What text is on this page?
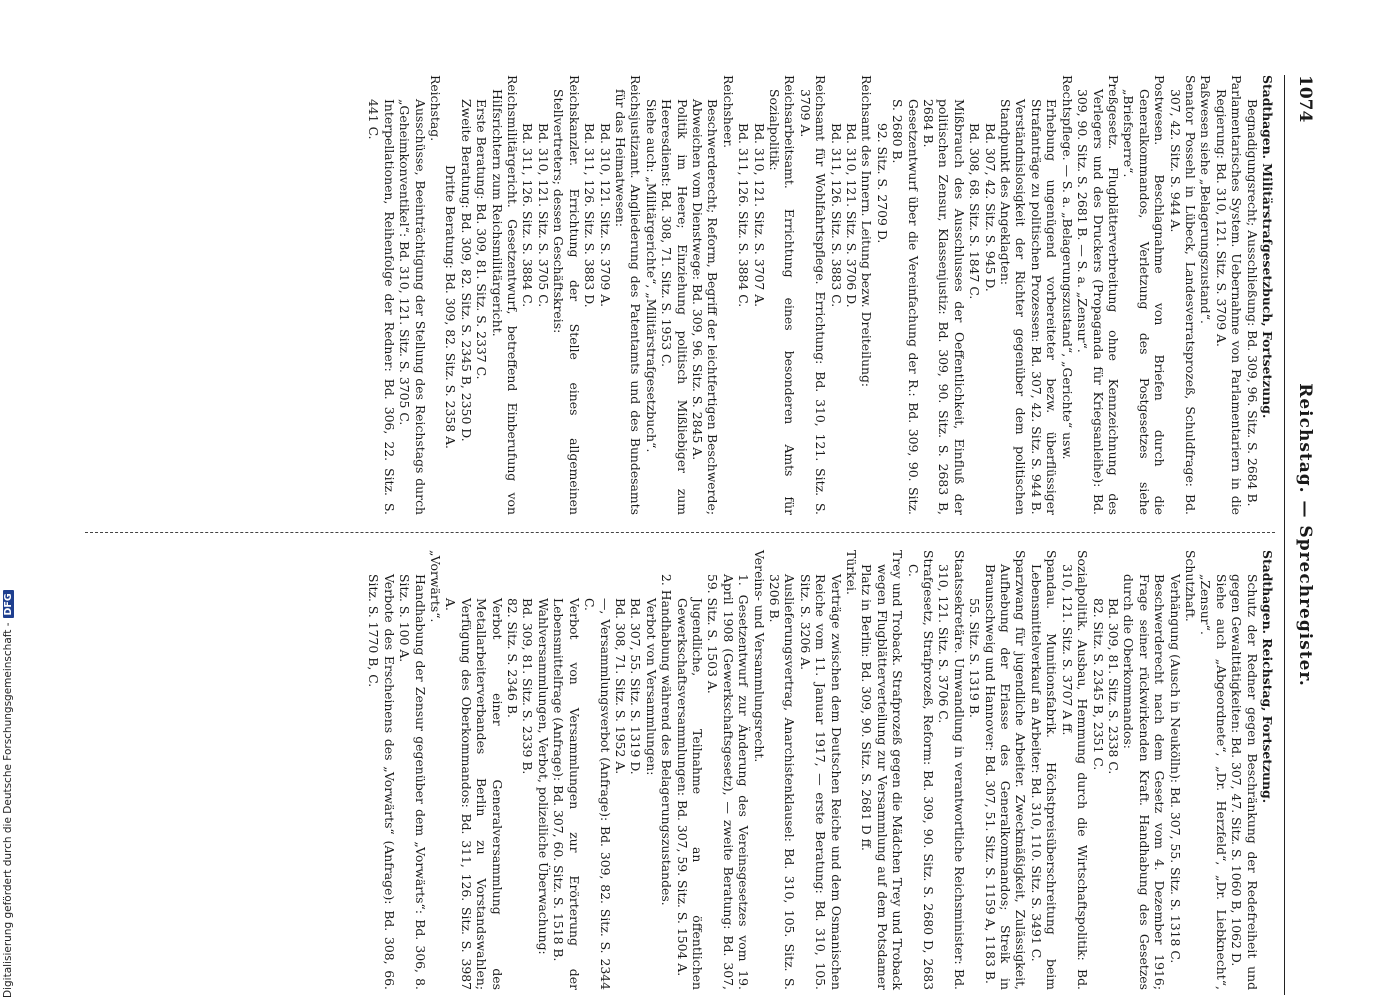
1074
Reichstag. — Sprechregister.

Stadthagen. Militärstrafgesetzbuch, Fortsetzung.

Begnadigungsrecht; Ausschließung: Bd. 309, 96. Sitz. S. 2684 B.

Parlamentarisches System. Uebernahme von Parlamentariern in die Regierung: Bd. 310, 121. Sitz. S. 3709 A.

Paßwesen siehe „Belagerungszustand“.

Senator Possehl in Lübeck, Landesverratsprozeß, Schuldfrage: Bd. 307, 42. Sitz. S. 944 A.

Postwesen. Beschlagnahme von Briefen durch die Generalkommandos, Verletzung des Postgesetzes siehe „Briefsperre“.

Preßgesetz. Flugblätterverbreitung ohne Kennzeichnung des Verlegers und des Druckers (Propaganda für Kriegsanleihe): Bd. 309, 90. Sitz. S. 2681 B. — S. a. „Zensur“.

Rechtspflege. — S. a. „Belagerungszustand“, „Gerichte“ usw.

Erhebung ungenügend vorbereiteter bezw. überflüssiger Strafanträge zu politischen Prozessen: Bd. 307, 42. Sitz. S. 944 B.

Verständnislosigkeit der Richter gegenüber dem politischen Standpunkt des Angeklagten:

Bd. 307, 42. Sitz. S. 945 D.

Bd. 308, 68. Sitz. S. 1847 C.

Mißbrauch des Ausschlusses der Oeffentlichkeit, Einfluß der politischen Zensur, Klassenjustiz: Bd. 309, 90. Sitz. S. 2683 B, 2684 B.

Gesetzentwurf über die Vereinfachung der R.: Bd. 309, 90. Sitz. S. 2680 B.

92. Sitz. S. 2709 D.

Reichsamt des Innern. Leitung bezw. Dreiteilung:

Bd. 310, 121. Sitz. S. 3706 D.

Bd. 311, 126. Sitz. S. 3883 C.

Reichsamt für Wohlfahrtspflege. Errichtung: Bd. 310, 121. Sitz. S. 3709 A.

Reichsarbeitsamt. Errichtung eines besonderen Amts für Sozialpolitik:

Bd. 310, 121. Sitz. S. 3707 A.

Bd. 311, 126. Sitz. S. 3884 C.

Reichsheer.

Beschwerderecht; Reform, Begriff der leichtfertigen Beschwerde; Abweichen vom Dienstwege: Bd. 309, 96. Sitz. S. 2845 A.

Politik im Heere; Einziehung politisch Mißliebiger zum Heeresdienst: Bd. 308, 71. Sitz. S. 1953 C.

Siehe auch: „Militärgerichte“, „Militärstrafgesetzbuch“.

Reichsjustizamt. Angliederung des Patentamts und des Bundesamts für das Heimatwesen:

Bd. 310, 121. Sitz. S. 3709 A.

Bd. 311, 126. Sitz. S. 3883 D.

Reichskanzler. Errichtung der Stelle eines allgemeinen Stellvertreters; dessen Geschäftskreis:

Bd. 310, 121. Sitz. S. 3705 C.

Bd. 311, 126. Sitz. S. 3884 C.

Reichsmilitärgericht. Gesetzentwurf, betreffend Einberufung von Hilfsrichtern zum Reichsmilitärgericht.

Erste Beratung: Bd. 309, 81. Sitz. S. 2337 C.

Zweite Beratung: Bd. 309, 82. Sitz. S. 2345 B, 2350 D.

Dritte Beratung: Bd. 309, 82. Sitz. S. 2358 A.

Reichstag.

Ausschüsse, Beeinträchtigung der Stellung des Reichstags durch „Geheimkonventikel“: Bd. 310, 121. Sitz. S. 3705 C.

Interpellationen, Reihenfolge der Redner: Bd. 306, 22. Sitz. S. 441 C.

Stadthagen. Reichstag, Fortsetzung.

Schutz der Redner gegen Beschränkung der Redefreiheit und gegen Gewalttätigkeiten: Bd. 307, 47. Sitz. S. 1060 B, 1062 D.

Siehe auch „Abgeordnete“, „Dr. Herzfeld“, „Dr. Liebknecht“, „Zensur“.

Schutzhaft.

Verhängung (Ausch in Neukölln): Bd. 307, 55. Sitz. S. 1318 C.

Beschwerderecht nach dem Gesetz vom 4. Dezember 1916; Frage seiner rückwirkenden Kraft. Handhabung des Gesetzes durch die Oberkommandos:

Bd. 309, 81. Sitz. S. 2338 C.

82. Sitz. S. 2345 B, 2351 C.

Sozialpolitik. Ausbau, Hemmung durch die Wirtschaftspolitik: Bd. 310, 121. Sitz. S. 3707 A ff.

Spandau. Munitionsfabrik. Höchstpreisüberschreitung beim Lebensmittelverkauf an Arbeiter: Bd. 310, 110. Sitz. S. 3491 C.

Sparzwang für jugendliche Arbeiter. Zweckmäßigkeit, Zulässigkeit, Aufhebung der Erlasse des Generalkommandos; Streik in Braunschweig und Hannover: Bd. 307, 51. Sitz. S. 1159 A, 1183 B.

55. Sitz. S. 1319 B.

Staatssekretäre. Umwandlung in verantwortliche Reichsminister: Bd. 310, 121. Sitz. S. 3706 C.

Strafgesetz, Strafprozeß, Reform: Bd. 309, 90. Sitz. S. 2680 D, 2683 C.

Trey und Troback. Strafprozeß gegen die Mädchen Trey und Troback wegen Flugblätterverteilung zur Versammlung auf dem Potsdamer Platz in Berlin: Bd. 309, 90. Sitz. S. 2681 D ff.

Türkei.

Verträge zwischen dem Deutschen Reiche und dem Osmanischen Reiche vom 11. Januar 1917, — erste Beratung: Bd. 310, 105. Sitz. S. 3206 A.

Auslieferungsvertrag, Anarchistenklausel: Bd. 310, 105. Sitz. S. 3206 B.

Vereins- und Versammlungsrecht.

1. Gesetzentwurf zur Änderung des Vereinsgesetzes vom 19. April 1908 (Gewerkschaftsgesetz), — zweite Beratung: Bd. 307, 59. Sitz. S. 1503 A.

Jugendliche, Teilnahme an öffentlichen Gewerkschaftsversammlungen: Bd. 307, 59. Sitz. S. 1504 A.

2. Handhabung während des Belagerungszustandes.

Verbot von Versammlungen:

Bd. 307, 55. Sitz. S. 1319 D.

Bd. 308, 71. Sitz. S. 1952 A.

—, Versammlungsverbot (Anfrage): Bd. 309, 82. Sitz. S. 2344 C.

Verbot von Versammlungen zur Erörterung der Lebensmittelfrage (Anfrage): Bd. 307, 60. Sitz. S. 1518 B.

Wahlversammlungen, Verbot, polizeiliche Überwachung:

Bd. 309, 81. Sitz. S. 2339 B.

82. Sitz. S. 2346 B.

Verbot einer Generalversammlung des Metallarbeiterverbandes Berlin zu Vorstandswahlen; Verfügung des Oberkommandos: Bd. 311, 126. Sitz. S. 3987 A.

„Vorwärts“.

Handhabung der Zensur gegenüber dem „Vorwärts“: Bd. 306, 8. Sitz. S. 100 A.

Verbote des Erscheinens des „Vorwärts“ (Anfrage): Bd. 308, 66. Sitz. S. 1770 B, C.

Digitalisierung gefördert durch die Deutsche Forschungsgemeinschaft -DFG
